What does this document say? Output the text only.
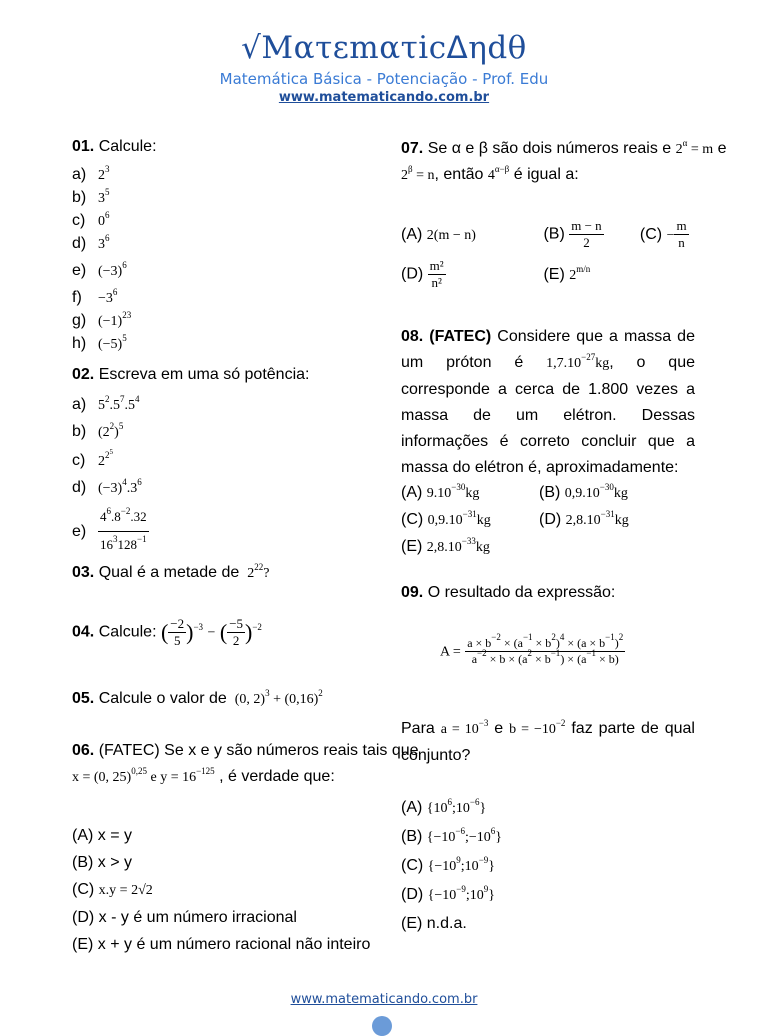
√Mατεmατicᐃηdθ
Matemática Básica - Potenciação - Prof. Edu
www.matematicando.com.br
01. Calcule:
a) $2^3$
b) $3^5$
c) $0^6$
d) $3^6$
e) $(-3)^6$
$f) -3^6$
g) $(-1)^{23}$
h) $(-5)^5$
02. Escreva em uma só potência:
a) $5^2.5^7.5^4$
b) $(2^2)^5$
c) $2^{2^5}$
d) $(-3)^4.3^6$
$e) \frac{4^6.8^{-2}.32}{16^3128^{-1}}$
03. Qual é a metade de  $2^{22}$?
04. Calcule: ( $\frac{-2}{5} )^{-3}$ − ( $\frac{-5}{2} )^{-2}$
05. Calcule o valor de  (0, $2)^3 + (0,16)^2$
06. (FATEC) Se x e y são números reais tais que
x = (0, 25)$^{0,25}$ e $y = 16^{-125}$ , é verdade que:
(A) x = y
(B) x > y
(C) x.y = 2√2
(D) x - y é um número irracional
(E) x + y é um número racional não inteiro
07. Se α e β são dois números reais e $2^\alpha = m$ e
$2^\beta = n$, então $4^{\alpha-\beta}$ é igual a:
(A) 2(m − n)	$(B) \frac{m - n}{2} (C) - \frac{m}{n}$
$(D) \frac{\text{m²}}{\text{n²}}$	(E) $2^{m/n}$
08. (FATEC) Considere que a massa de um próton é $1,7.10^{-27}kg$, o que corresponde a cerca de 1.800 vezes a massa de um elétron. Dessas informações é correto concluir que a massa do elétron é, aproximadamente:
(A) $9.10^{-30}kg$	(B) $0,9.10^{-30}kg$
(C) $0,9.10^{-31}kg$	(D) $2,8.10^{-31}kg$
(E) $2,8.10^{-33}kg$
09. O resultado da expressão:
$A = \frac{a \times b^{-2} \times (a^{-1} \times b^2)^4 \times (a \times b^{-1})^2}{a^{-2} \times b \times (a^2 \times b^{-1}) \times (a^{-1} \times b)}$
Para $a = 10^{-3}$ e $b = -10^{-2}$ faz parte de qual conjunto?
(A) $\{10^6;10^{-6}\}$
(B) $\{-10^{-6};-10^6\}$
(C) $\{-10^9;10^{-9}\}$
(D) $\{-10^{-9};10^9\}$
(E) n.d.a.
www.matematicando.com.br
